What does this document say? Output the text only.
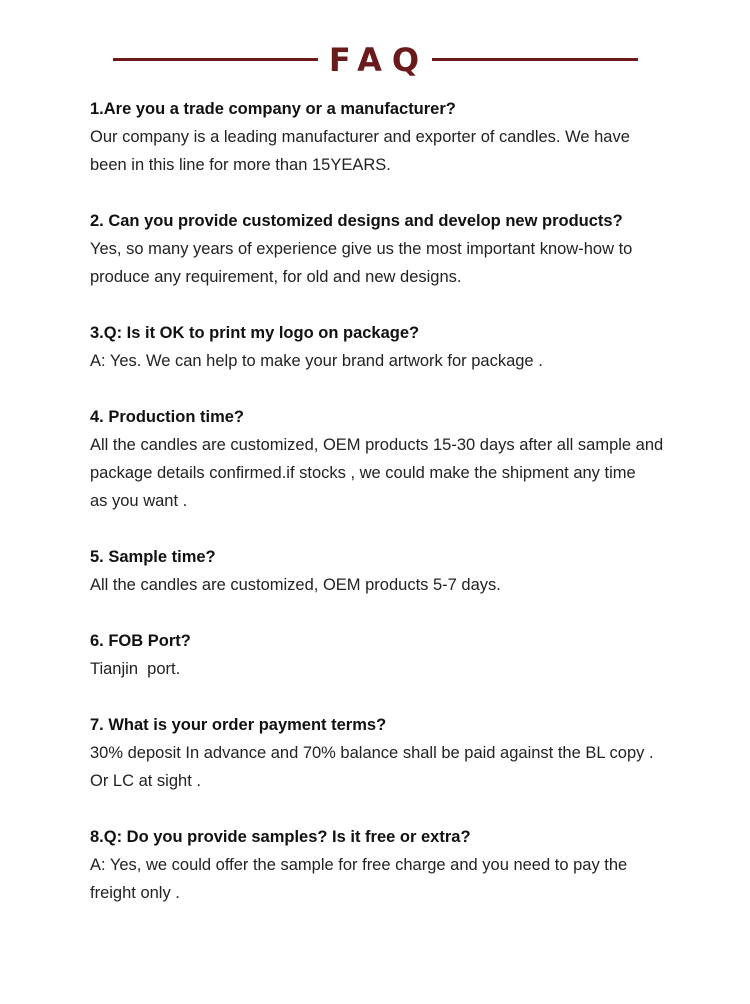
FAQ
1.Are you a trade company or a manufacturer?
Our company is a leading manufacturer and exporter of candles. We have
been in this line for more than 15YEARS.
2. Can you provide customized designs and develop new products?
Yes, so many years of experience give us the most important know-how to
produce any requirement, for old and new designs.
3.Q: Is it OK to print my logo on package?
A: Yes. We can help to make your brand artwork for package .
4. Production time?
All the candles are customized, OEM products 15-30 days after all sample and
package details confirmed.if stocks , we could make the shipment any time
as you want .
5. Sample time?
All the candles are customized, OEM products 5-7 days.
6. FOB Port?
Tianjin  port.
7. What is your order payment terms?
30% deposit In advance and 70% balance shall be paid against the BL copy .
Or LC at sight .
8.Q: Do you provide samples? Is it free or extra?
A: Yes, we could offer the sample for free charge and you need to pay the
freight only .
